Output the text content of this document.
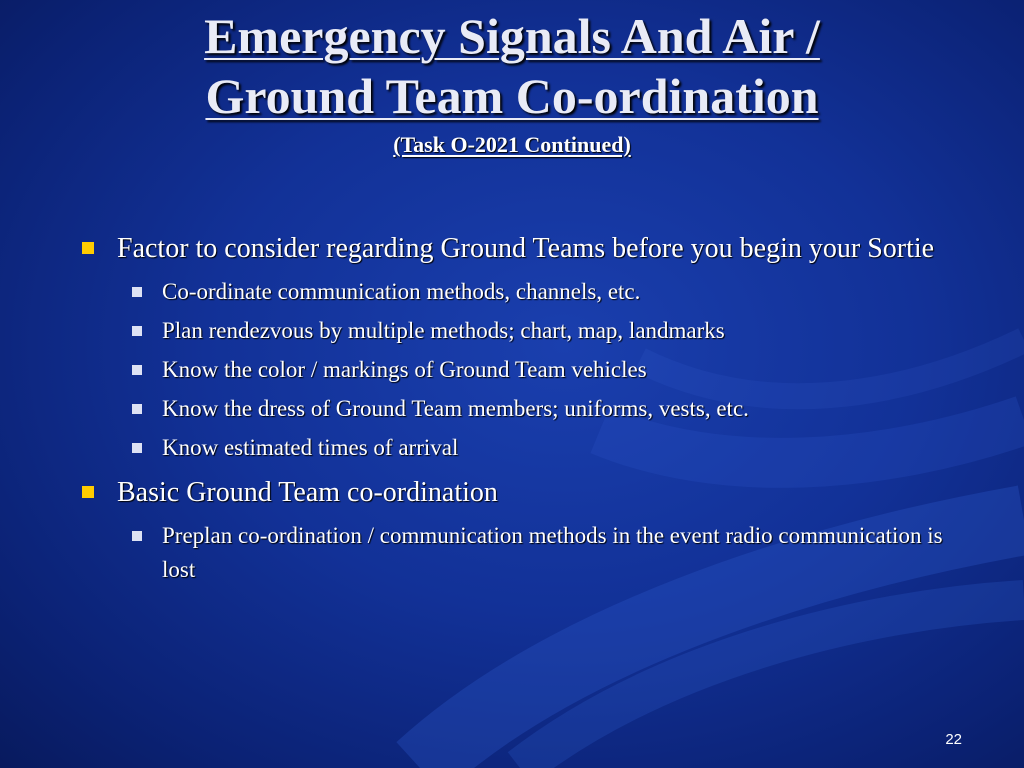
Emergency Signals And Air /
Ground Team Co-ordination
(Task O-2021 Continued)
Factor to consider regarding Ground Teams before you begin your Sortie
Co-ordinate communication methods, channels, etc.
Plan rendezvous by multiple methods; chart, map, landmarks
Know the color / markings of Ground Team vehicles
Know the dress of Ground Team members; uniforms, vests, etc.
Know estimated times of arrival
Basic Ground Team co-ordination
Preplan co-ordination / communication methods in the event radio communication is lost
22
